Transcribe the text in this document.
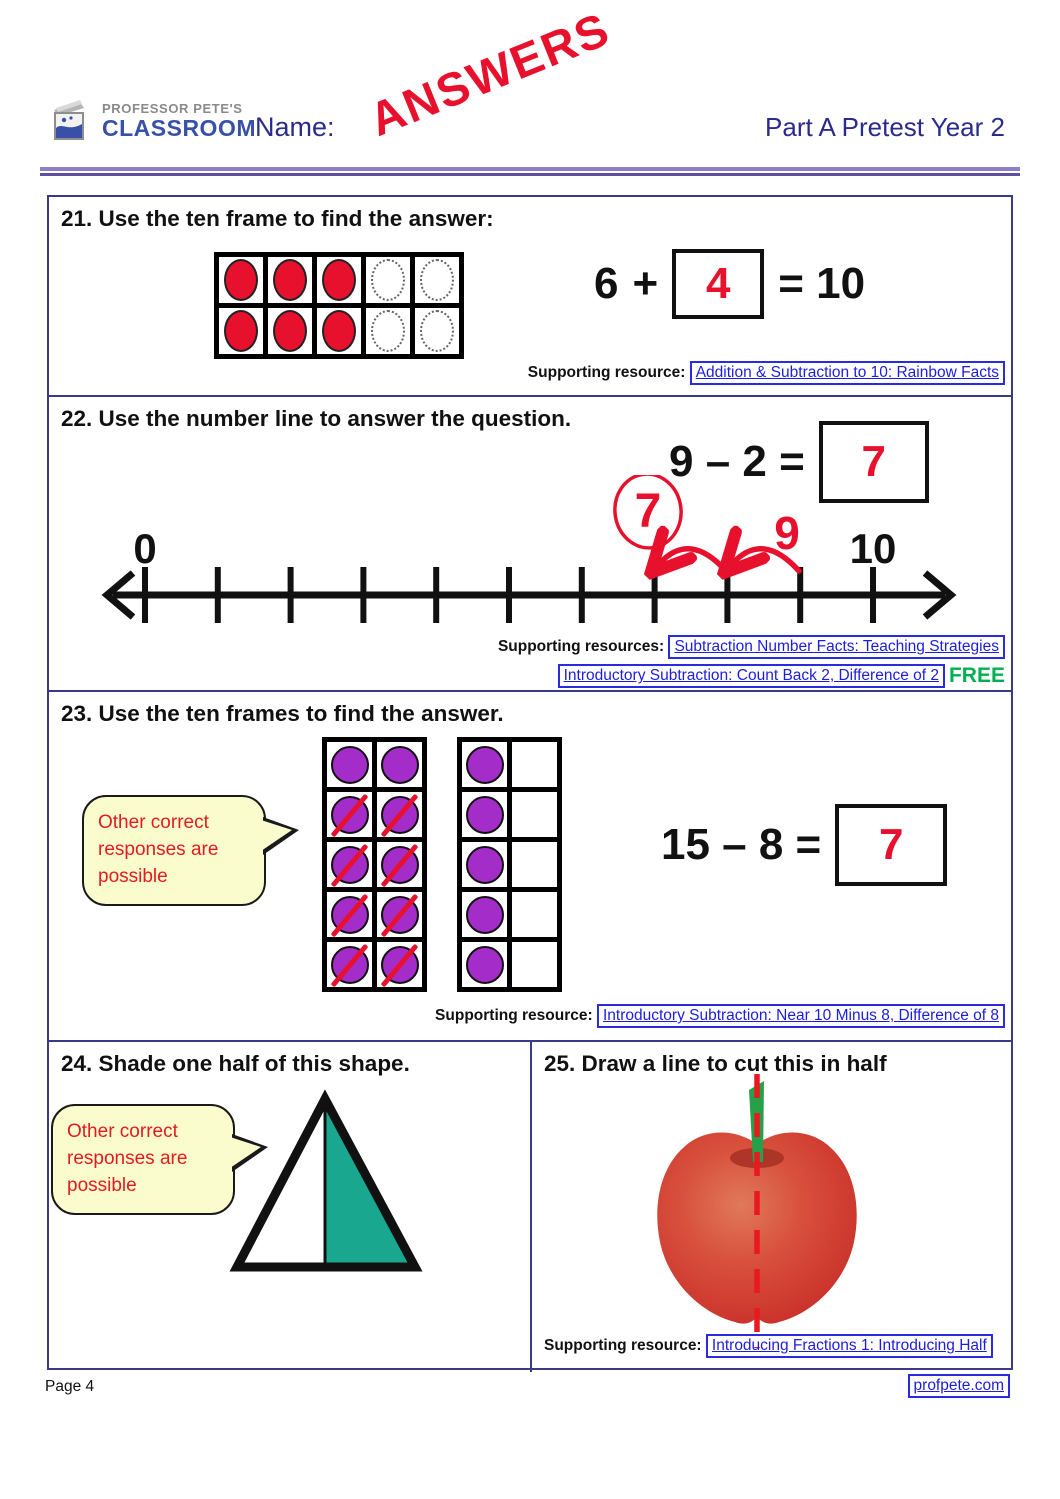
PROFESSOR PETE'S
CLASSROOM Name: ANSWERS	Part A Pretest Year 2
21. Use the ten frame to find the answer:
6 + 4 = 10
Supporting resource: Addition & Subtraction to 10: Rainbow Facts
22. Use the number line to answer the question.
9 – 2 = 7
0	10
7 9
Supporting resources: Subtraction Number Facts: Teaching Strategies
Introductory Subtraction: Count Back 2, Difference of 2 FREE
23. Use the ten frames to find the answer.
Other correct responses are possible
15 – 8 = 7
Supporting resource: Introductory Subtraction: Near 10 Minus 8, Difference of 8
24. Shade one half of this shape.
Other correct responses are possible
25. Draw a line to cut this in half
Supporting resource: Introducing Fractions 1: Introducing Half
Page 4	profpete.com
